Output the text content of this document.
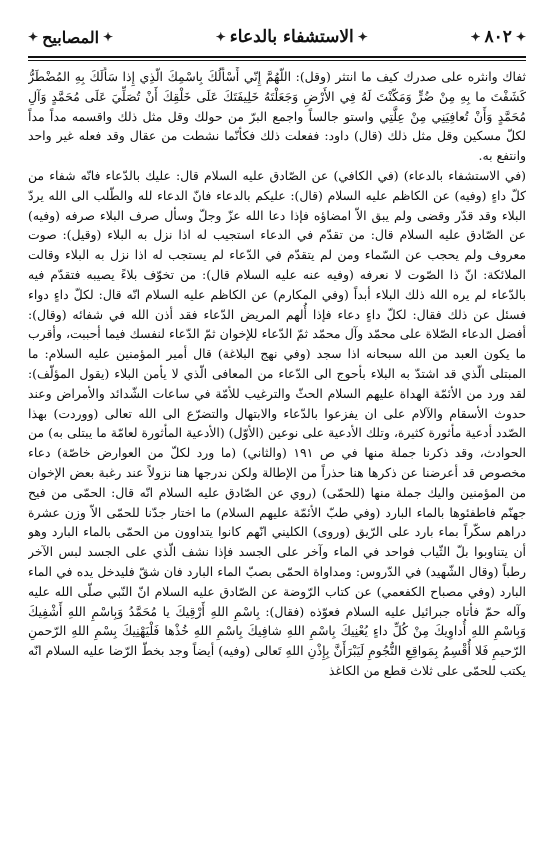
✦
٨٠٢
✦
✦
الاستشفاء بالدعاء
✦
✦
المصابيح
✦

ثفاك وانثره على صدرك كيف ما انتثر (وقل): اللّهُمَّ إِنّي أَسْأَلُكَ بِاسْمِكَ الّذِي إِذا سَأَلَكَ بِهِ المُضْطَرُّ كَشَفْتَ ما بِهِ مِنْ ضُرٍّ وَمَكّنْتَ لَهُ فِي الأَرْضِ وَجَعَلْتَهُ خَلِيفَتَكَ عَلَى خَلْقِكَ أَنْ تُصَلِّيَ عَلَى مُحَمَّدٍ وَآلِ مُحَمَّدٍ وَأَنْ تُعافِيَنِي مِنْ عِلَّتِي واستو جالساً واجمع البرّ من حولك وقل مثل ذلك واقسمه مداً مداً لكلّ مسكين وقل مثل ذلك (قال) داود: ففعلت ذلك فكأنّما نشطت من عقال وقد فعله غير واحد وانتفع به.

(في الاستشفاء بالدعاء) (في الكافي) عن الصّادق عليه السلام قال: عليك بالدّعاء فانّه شفاء من كلّ داءٍ (وفيه) عن الكاظم عليه السلام (قال): عليكم بالدعاء فانّ الدعاء لله والطّلب الى الله يردّ البلاء وقد قدّر وقضى ولم يبق الاّ امضاؤه فإذا دعا الله عزّ وجلّ وسأل صرف البلاء صرفه (وفيه) عن الصّادق عليه السلام قال: من تقدّم في الدعاء استجيب له اذا نزل به البلاء (وقيل): صوت معروف ولم يحجب عن السّماء ومن لم يتقدّم في الدّعاء لم يستجب له اذا نزل به البلاء وقالت الملائكة: انّ ذا الصّوت لا نعرفه (وفيه عنه عليه السلام قال): من تخوّف بلاءً يصيبه فتقدّم فيه بالدّعاء لم يره الله ذلك البلاء أبداً (وفي المكارم) عن الكاظم عليه السلام انّه قال: لكلّ داءٍ دواء فسئل عن ذلك فقال: لكلّ داءٍ دعاء فإذا أُلهم المريض الدّعاء فقد أذن الله في شفائه (وقال): أفضل الدعاء الصّلاة على محمّد وآل محمّد ثمّ الدّعاء للإخوان ثمّ الدّعاء لنفسك فيما أحببت، وأقرب ما يكون العبد من الله سبحانه اذا سجد (وفي نهج البلاغة) قال أمير المؤمنين عليه السلام: ما المبتلى الّذي قد اشتدّ به البلاء بأحوج الى الدّعاء من المعافى الّذي لا يأمن البلاء (يقول المؤلّف): لقد ورد من الأئمّة الهداة عليهم السلام الحثّ والترغيب للأمّة في ساعات الشّدائد والأمراض وعند حدوث الأسقام والآلام على ان يفزعوا بالدّعاء والابتهال والتضرّع الى الله تعالى (ووردت) بهذا الصّدد أدعية مأثورة كثيرة، وتلك الأدعية على نوعين (الأوّل) (الأدعية المأثورة لعامّة ما يبتلى به) من الحوادث، وقد ذكرنا جملة منها في ص ١٩١ (والثاني) (ما ورد لكلّ من العوارض خاصّة) دعاء مخصوص قد أعرضنا عن ذكرها هنا حذراً من الإطالة ولكن ندرجها هنا نزولاً عند رغبة بعض الإخوان من المؤمنين واليك جملة منها (للحمّى) (روي عن الصّادق عليه السلام انّه قال: الحمّى من فيح جهنّم فاطفئوها بالماء البارد (وفي طبّ الأئمّة عليهم السلام) ما اختار جدّنا للحمّى الاّ وزن عشرة دراهم سكّراً بماء بارد على الرّيق (وروى) الكليني انّهم كانوا يتداوون من الحمّى بالماء البارد وهو أن يتناوبوا بلّ الثّياب فواحد في الماء وآخر على الجسد فإذا نشف الّذي على الجسد لبس الآخر رطباً (وقال الشّهيد) في الدّروس: ومداواة الحمّى بصبّ الماء البارد فان شقّ فليدخل يده في الماء البارد (وفي مصباح الكفعمي) عن كتاب الرّوضة عن الصّادق عليه السلام انّ النّبي صلّى الله عليه وآله حمّ فأتاه جبرائيل عليه السلام فعوّذه (فقال): بِاسْمِ اللهِ أَرْقِيكَ يا مُحَمَّدُ وَبِاسْمِ اللهِ أَشْفِيكَ وَبِاسْمِ اللهِ أُداوِيكَ مِنْ كُلِّ داءٍ يُعْنِيكَ بِاسْمِ اللهِ شافِيكَ بِاسْمِ اللهِ خُذْها فَلْيَهْنِيكَ بِسْمِ اللهِ الرّحمنِ الرّحيمِ فَلا أُقْسِمُ بِمَواقِعِ النُّجُومِ لَيَبْرَأَنَّ بِإِذْنِ اللهِ تَعالى (وفيه) أيضاً وجد بخطّ الرّضا عليه السلام انّه يكتب للحمّى على ثلاث قطع من الكاغذ
